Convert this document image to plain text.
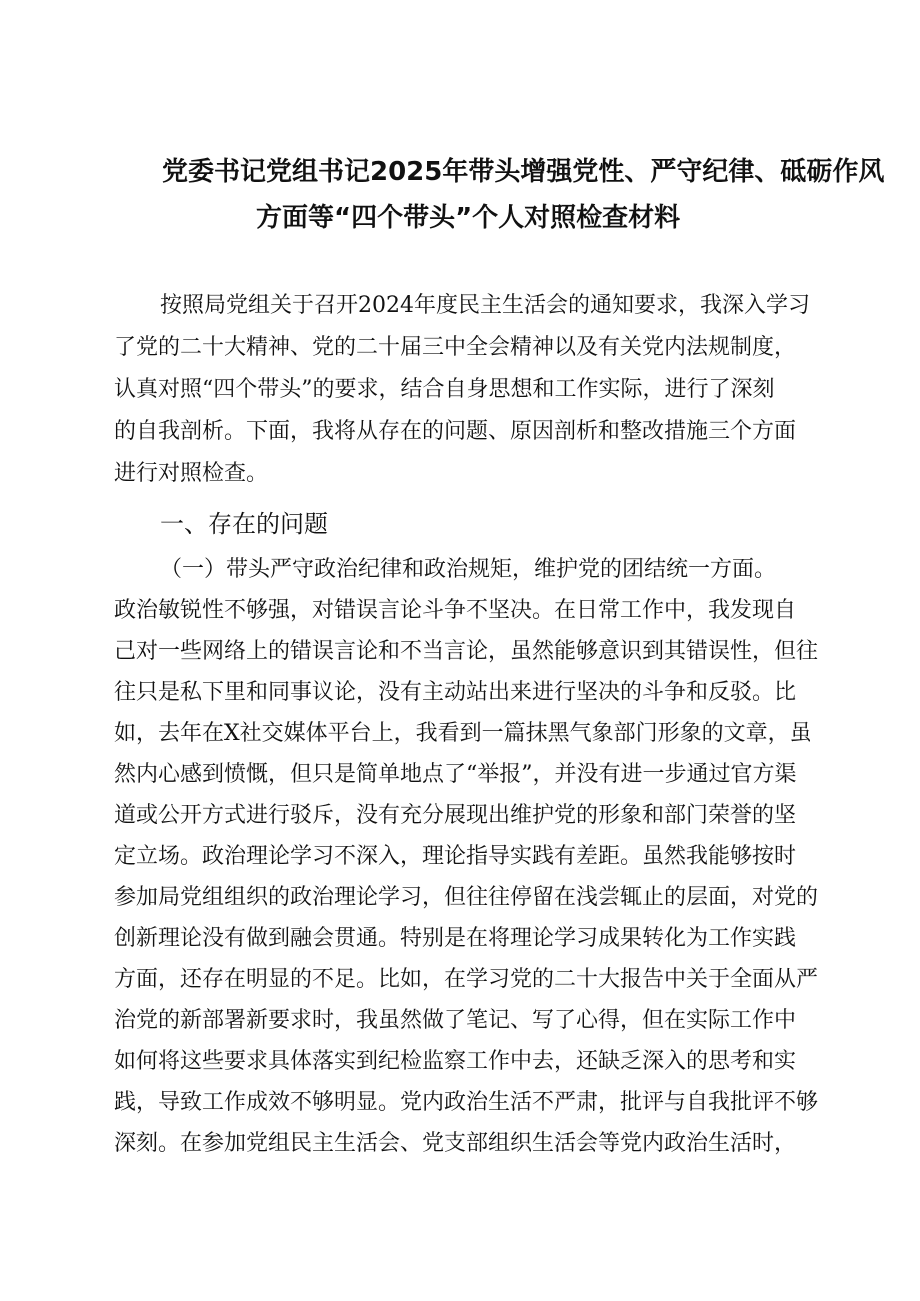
党委书记党组书记2025年带头增强党性、严守纪律、砥砺作风
方面等“四个带头”个人对照检查材料
按照局党组关于召开2024年度民主生活会的通知要求，我深入学习
了党的二十大精神、党的二十届三中全会精神以及有关党内法规制度，
认真对照“四个带头”的要求，结合自身思想和工作实际，进行了深刻
的自我剖析。下面，我将从存在的问题、原因剖析和整改措施三个方面
进行对照检查。
一、存在的问题
（一）带头严守政治纪律和政治规矩，维护党的团结统一方面。
政治敏锐性不够强，对错误言论斗争不坚决。在日常工作中，我发现自
己对一些网络上的错误言论和不当言论，虽然能够意识到其错误性，但往
往只是私下里和同事议论，没有主动站出来进行坚决的斗争和反驳。比
如，去年在X社交媒体平台上，我看到一篇抹黑气象部门形象的文章，虽
然内心感到愤慨，但只是简单地点了“举报”，并没有进一步通过官方渠
道或公开方式进行驳斥，没有充分展现出维护党的形象和部门荣誉的坚
定立场。政治理论学习不深入，理论指导实践有差距。虽然我能够按时
参加局党组组织的政治理论学习，但往往停留在浅尝辄止的层面，对党的
创新理论没有做到融会贯通。特别是在将理论学习成果转化为工作实践
方面，还存在明显的不足。比如，在学习党的二十大报告中关于全面从严
治党的新部署新要求时，我虽然做了笔记、写了心得，但在实际工作中
如何将这些要求具体落实到纪检监察工作中去，还缺乏深入的思考和实
践，导致工作成效不够明显。党内政治生活不严肃，批评与自我批评不够
深刻。在参加党组民主生活会、党支部组织生活会等党内政治生活时，
